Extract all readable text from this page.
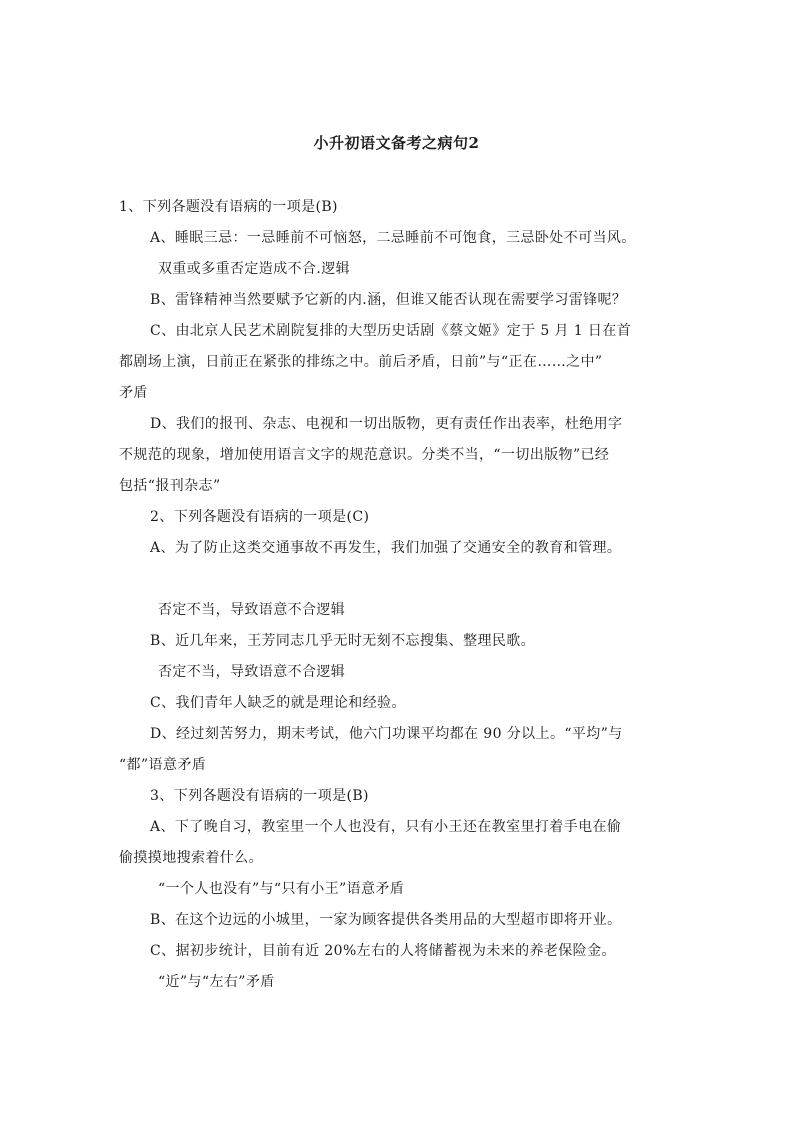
小升初语文备考之病句2
1、下列各题没有语病的一项是(B)
A、睡眠三忌：一忌睡前不可恼怒，二忌睡前不可饱食，三忌卧处不可当风。
双重或多重否定造成不合.逻辑
B、雷锋精神当然要赋予它新的内.涵，但谁又能否认现在需要学习雷锋呢？
C、由北京人民艺术剧院复排的大型历史话剧《蔡文姬》定于 5 月 1 日在首
都剧场上演，日前正在紧张的排练之中。前后矛盾，日前”与“正在……之中”
矛盾
D、我们的报刊、杂志、电视和一切出版物，更有责任作出表率，杜绝用字
不规范的现象，增加使用语言文字的规范意识。分类不当，“一切出版物”已经
包括“报刊杂志”
2、下列各题没有语病的一项是(C)
A、为了防止这类交通事故不再发生，我们加强了交通安全的教育和管理。
否定不当，导致语意不合逻辑
B、近几年来，王芳同志几乎无时无刻不忘搜集、整理民歌。
否定不当，导致语意不合逻辑
C、我们青年人缺乏的就是理论和经验。
D、经过刻苦努力，期末考试，他六门功课平均都在 90 分以上。“平均”与
“都”语意矛盾
3、下列各题没有语病的一项是(B)
A、下了晚自习，教室里一个人也没有，只有小王还在教室里打着手电在偷
偷摸摸地搜索着什么。
“一个人也没有”与“只有小王”语意矛盾
B、在这个边远的小城里，一家为顾客提供各类用品的大型超市即将开业。
C、据初步统计，目前有近 20%左右的人将储蓄视为未来的养老保险金。
“近”与“左右”矛盾
